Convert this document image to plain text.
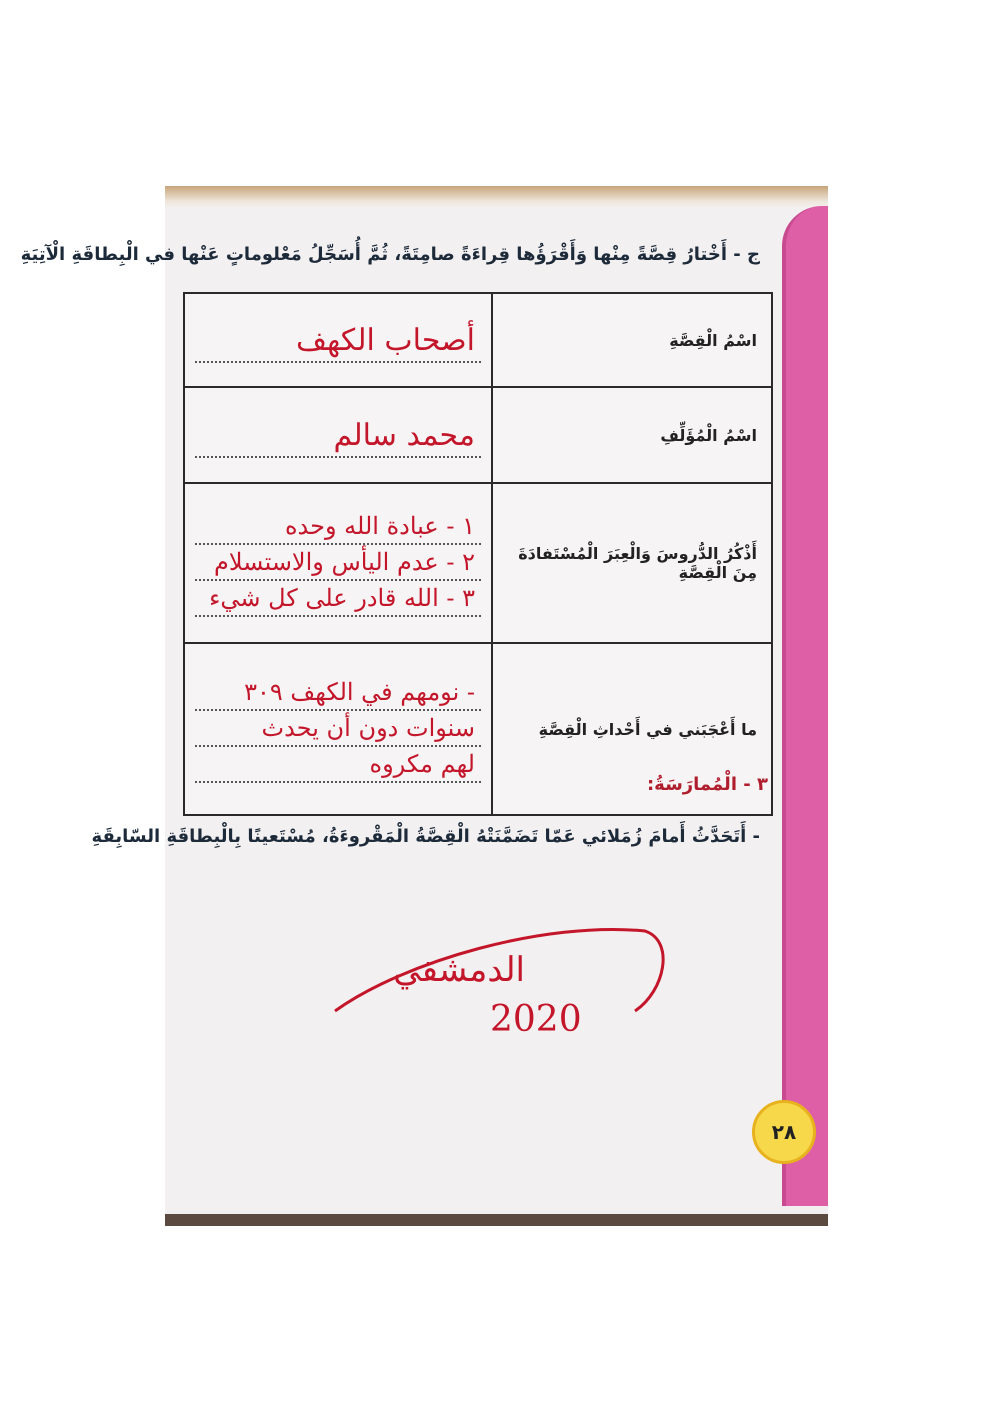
ج - أَخْتارُ قِصَّةً مِنْها وَأَقْرَؤُها قِراءَةً صامِتَةً، ثُمَّ أُسَجِّلُ مَعْلوماتٍ عَنْها في الْبِطاقَةِ الْآتِيَةِ
اسْمُ الْقِصَّةِ	أصحاب الكهف

اسْمُ الْمُؤَلِّفِ	محمد سالم

أَذْكُرُ الدُّروسَ وَالْعِبَرَ الْمُسْتَفادَةَ مِنَ الْقِصَّةِ	١ - عبادة الله وحده
٢ - عدم اليأس والاستسلام
٣ - الله قادر على كل شيء

ما أَعْجَبَني في أَحْداثِ الْقِصَّةِ	- نومهم في الكهف ٣٠٩
سنوات دون أن يحدث
لهم مكروه
٣ - الْمُمارَسَةُ:
- أَتَحَدَّثُ أَمامَ زُمَلائي عَمّا تَضَمَّنَتْهُ الْقِصَّةُ الْمَقْروءَةُ، مُسْتَعينًا بِالْبِطاقَةِ السّابِقَةِ
الدمشقي
2020
٢٨
